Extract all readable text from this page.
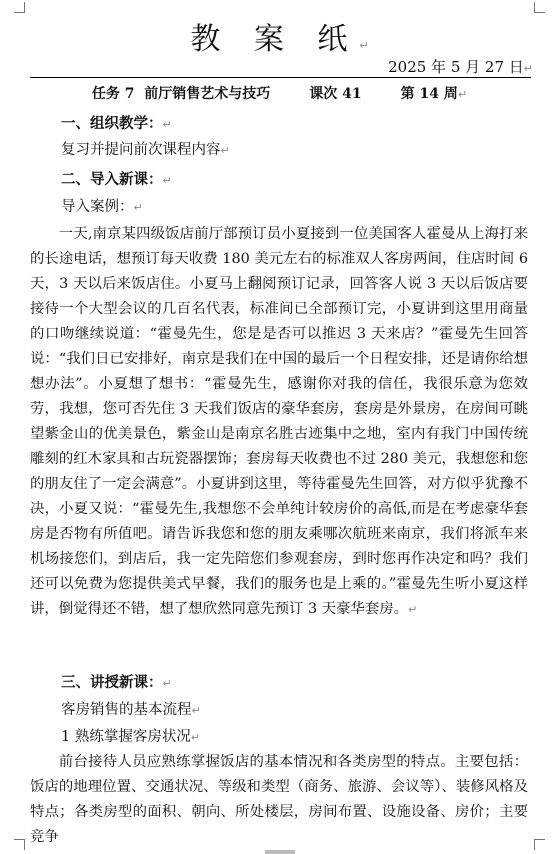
教 案 纸↵
2025 年 5 月 27 日↵
任务 7  前厅销售艺术与技巧        课次 41        第 14 周↵
一、组织教学：↵
复习并提问前次课程内容↵
二、导入新课：↵
导入案例：↵
一天,南京某四级饭店前厅部预订员小夏接到一位美国客人霍曼从上海打来的长途电话，想预订每天收费 180 美元左右的标准双人客房两间，住店时间 6 天，3 天以后来饭店住。小夏马上翻阅预订记录，回答客人说 3 天以后饭店要接待一个大型会议的几百名代表，标准间已全部预订完，小夏讲到这里用商量的口吻继续说道：“霍曼先生，您是是否可以推迟 3 天来店？”霍曼先生回答说：“我们日已安排好，南京是我们在中国的最后一个日程安排，还是请你给想想办法”。小夏想了想书：“霍曼先生，感谢你对我的信任，我很乐意为您效劳，我想，您可否先住 3 天我们饭店的豪华套房，套房是外景房，在房间可眺望紫金山的优美景色，紫金山是南京名胜古迹集中之地，室内有我门中国传统雕刻的红木家具和古玩瓷器摆饰；套房每天收费也不过 280 美元，我想您和您的朋友住了一定会满意”。小夏讲到这里，等待霍曼先生回答，对方似乎犹豫不决，小夏又说：“霍曼先生,我想您不会单纯计较房价的高低,而是在考虑豪华套房是否物有所值吧。请告诉我您和您的朋友乘哪次航班来南京，我们将派车来机场接您们，到店后，我一定先陪您们参观套房，到时您再作决定和吗？我们还可以免费为您提供美式早餐，我们的服务也是上乘的。”霍曼先生听小夏这样讲，倒觉得还不错，想了想欣然同意先预订 3 天豪华套房。↵
三、讲授新课：↵
客房销售的基本流程↵
1 熟练掌握客房状况↵
前台接待人员应熟练掌握饭店的基本情况和各类房型的特点。主要包括：饭店的地理位置、交通状况、等级和类型（商务、旅游、会议等）、装修风格及特点；各类房型的面积、朝向、所处楼层，房间布置、设施设备、房价；主要竞争
